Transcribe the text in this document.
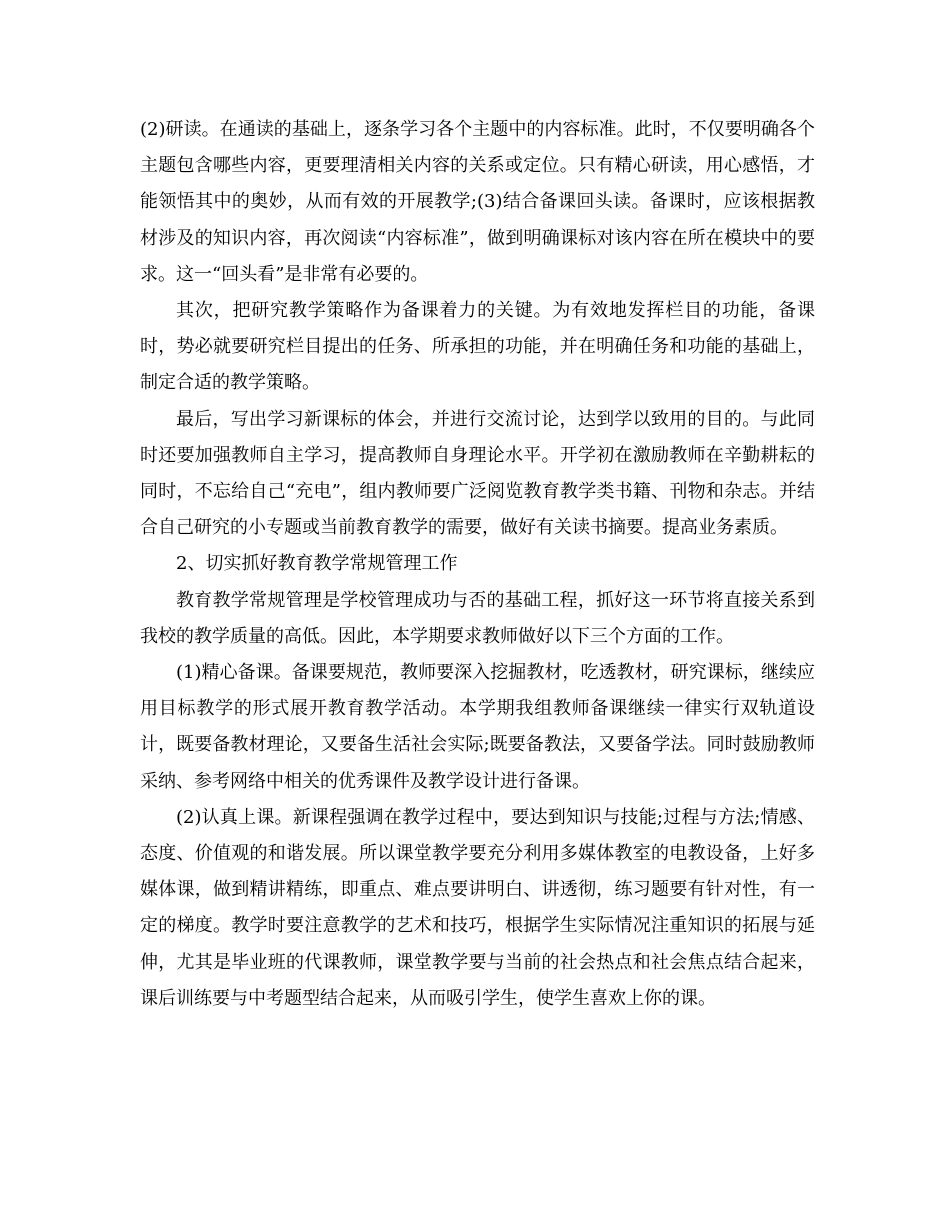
(2)研读。在通读的基础上，逐条学习各个主题中的内容标准。此时，不仅要明确各个主题包含哪些内容，更要理清相关内容的关系或定位。只有精心研读，用心感悟，才能领悟其中的奥妙，从而有效的开展教学;(3)结合备课回头读。备课时，应该根据教材涉及的知识内容，再次阅读“内容标准”，做到明确课标对该内容在所在模块中的要求。这一“回头看”是非常有必要的。

其次，把研究教学策略作为备课着力的关键。为有效地发挥栏目的功能，备课时，势必就要研究栏目提出的任务、所承担的功能，并在明确任务和功能的基础上，制定合适的教学策略。

最后，写出学习新课标的体会，并进行交流讨论，达到学以致用的目的。与此同时还要加强教师自主学习，提高教师自身理论水平。开学初在激励教师在辛勤耕耘的同时，不忘给自己“充电”，组内教师要广泛阅览教育教学类书籍、刊物和杂志。并结合自己研究的小专题或当前教育教学的需要，做好有关读书摘要。提高业务素质。

2、切实抓好教育教学常规管理工作

教育教学常规管理是学校管理成功与否的基础工程，抓好这一环节将直接关系到我校的教学质量的高低。因此，本学期要求教师做好以下三个方面的工作。

(1)精心备课。备课要规范，教师要深入挖掘教材，吃透教材，研究课标，继续应用目标教学的形式展开教育教学活动。本学期我组教师备课继续一律实行双轨道设计，既要备教材理论，又要备生活社会实际;既要备教法，又要备学法。同时鼓励教师采纳、参考网络中相关的优秀课件及教学设计进行备课。

(2)认真上课。新课程强调在教学过程中，要达到知识与技能;过程与方法;情感、态度、价值观的和谐发展。所以课堂教学要充分利用多媒体教室的电教设备，上好多媒体课，做到精讲精练，即重点、难点要讲明白、讲透彻，练习题要有针对性，有一定的梯度。教学时要注意教学的艺术和技巧，根据学生实际情况注重知识的拓展与延伸，尤其是毕业班的代课教师，课堂教学要与当前的社会热点和社会焦点结合起来，课后训练要与中考题型结合起来，从而吸引学生，使学生喜欢上你的课。
